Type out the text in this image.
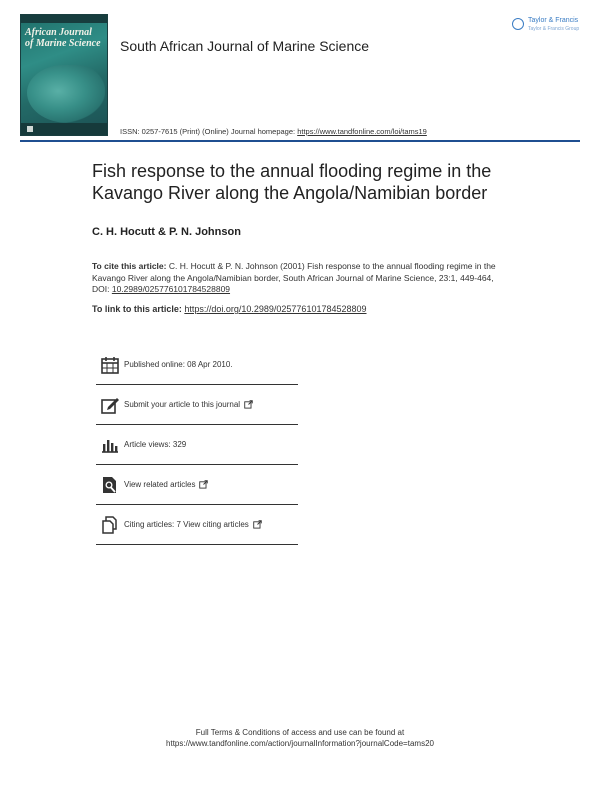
African Journal
of Marine Science South African Journal of Marine Science
Taylor & Francis
Taylor & Francis Group
ISSN: 0257-7615 (Print) (Online) Journal homepage: https://www.tandfonline.com/loi/tams19
Fish response to the annual flooding regime in the
Kavango River along the Angola/Namibian border
C. H. Hocutt & P. N. Johnson
To cite this article: C. H. Hocutt & P. N. Johnson (2001) Fish response to the annual flooding regime in the Kavango River along the Angola/Namibian border, South African Journal of Marine Science, 23:1, 449-464, DOI: 10.2989/025776101784528809
To link to this article: https://doi.org/10.2989/025776101784528809
Published online: 08 Apr 2010.
Submit your article to this journal
Article views: 329
View related articles
Citing articles: 7 View citing articles
Full Terms & Conditions of access and use can be found at
https://www.tandfonline.com/action/journalInformation?journalCode=tams20
